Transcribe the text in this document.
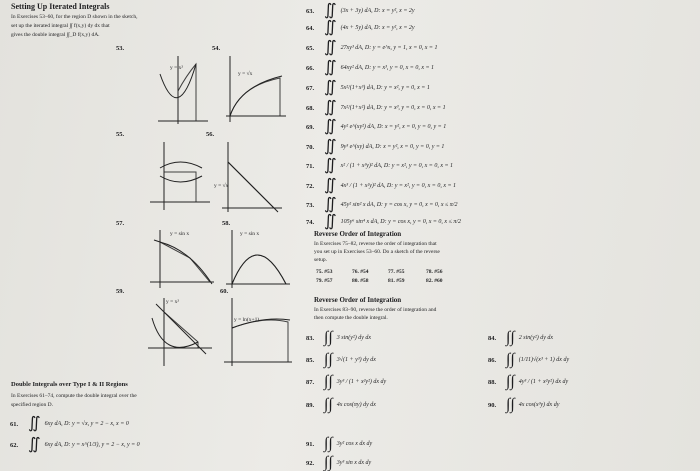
Setting Up Iterated Integrals
In Exercises 53–60, for the region D shown in the sketch,
set up the iterated integral ∫∫ f(x,y) dy dx that
gives the double integral ∫∫_D f(x,y) dA.
53.	54.
55.	56.
57.	58.
59.	60.
y = x²
y = √x
y = √x
y = sin x	y = sin x
y = x²
y = ln(x+1)
Double Integrals over Type I & II Regions
In Exercises 61–74, compute the double integral over the
specified region D.
61. ∬ 6xy dA, D: y = √x, y = 2 − x, x = 0
62. ∬ 6xy dA, D: y = x^(1/3), y = 2 − x, y = 0
63. ∬ (3x + 3y) dA, D: x = y², x = 2y
64. ∬ (4x + 5y) dA, D: x = y², x = 2y
65. ∬ 27xy³ dA, D: y = e^x, y = 1, x = 0, x = 1
66. ∬ 64xy² dA, D: y = x³, y = 0, x = 0, x = 1
67. ∬ 5x²/(1+x³) dA, D: y = x², y = 0, x = 1
68. ∬ 7x²/(1+x²) dA, D: y = x³, y = 0, x = 0, x = 1
69. ∬ 4y² e^(xy²) dA, D: x = y², x = 0, y = 0, y = 1
70. ∬ 9y³ e^(xy) dA, D: x = y², x = 0, y = 0, y = 1
71. ∬ x² / (1 + x³y)² dA, D: y = x², y = 0, x = 0, x = 1
72. ∬ 4x³ / (1 + x²y)² dA, D: y = x², y = 0, x = 0, x = 1
73. ∬ 45y² sin² x dA, D: y = cos x, y = 0, x = 0, x ≤ π/2
74. ∬ 105y⁶ sin⁴ x dA, D: y = cos x, y = 0, x = 0, x ≤ π/2
Reverse Order of Integration
In Exercises 75–82, reverse the order of integration that
you set up in Exercises 53–60. Do a sketch of the reverse
setup.
75. #53	76. #54	77. #55	78. #56
79. #57	80. #58	81. #59	82. #60
Reverse Order of Integration
In Exercises 83–90, reverse the order of integration and
then compute the double integral.
83. ∫∫ 3 sin(y²) dy dx	84. ∫∫ 2 sin(y²) dy dx
85. ∫∫ 3√(1 + y³) dy dx	86. ∫∫ (1/11)√(x³ + 1) dx dy
87. ∫∫ 3y³ / (1 + x²y²) dx dy	88. ∫∫ 4y³ / (1 + x²y²) dx dy
89. ∫∫ 4x cos(πy) dy dx	90. ∫∫ 4x cos(x³y) dx dy
91. ∫∫ 3y² cos x dx dy
92. ∫∫ 3y³ sin x dx dy
